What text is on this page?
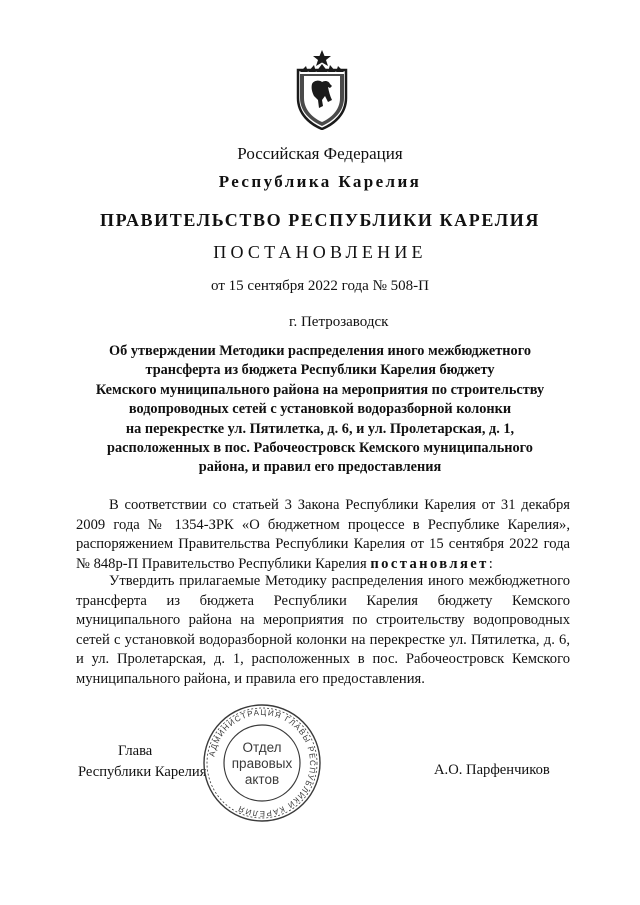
Российская Федерация
Республика Карелия
ПРАВИТЕЛЬСТВО РЕСПУБЛИКИ КАРЕЛИЯ
ПОСТАНОВЛЕНИЕ
от 15 сентября 2022 года № 508-П
г. Петрозаводск
Об утверждении Методики распределения иного межбюджетного
трансферта из бюджета Республики Карелия бюджету
Кемского муниципального района на мероприятия по строительству
водопроводных сетей с установкой водоразборной колонки
на перекрестке ул. Пятилетка, д. 6, и ул. Пролетарская, д. 1,
расположенных в пос. Рабочеостровск Кемского муниципального
района, и правил его предоставления
В соответствии со статьей 3 Закона Республики Карелия от 31 декабря 2009 года № 1354-ЗРК «О бюджетном процессе в Республике Карелия», распоряжением Правительства Республики Карелия от 15 сентября 2022 года № 848р-П Правительство Республики Карелия постановляет:
Утвердить прилагаемые Методику распределения иного межбюджетного трансферта из бюджета Республики Карелия бюджету Кемского муниципального района на мероприятия по строительству водопроводных сетей с установкой водоразборной колонки на перекрестке ул. Пятилетка, д. 6, и ул. Пролетарская, д. 1, расположенных в пос. Рабочеостровск Кемского муниципального района, и правила его предоставления.
Глава
Республики Карелия	А.О. Парфенчиков
АДМИНИСТРАЦИЯ ГЛАВЫ РЕСПУБЛИКИ КАРЕЛИЯ
Отдел
правовых
актов
